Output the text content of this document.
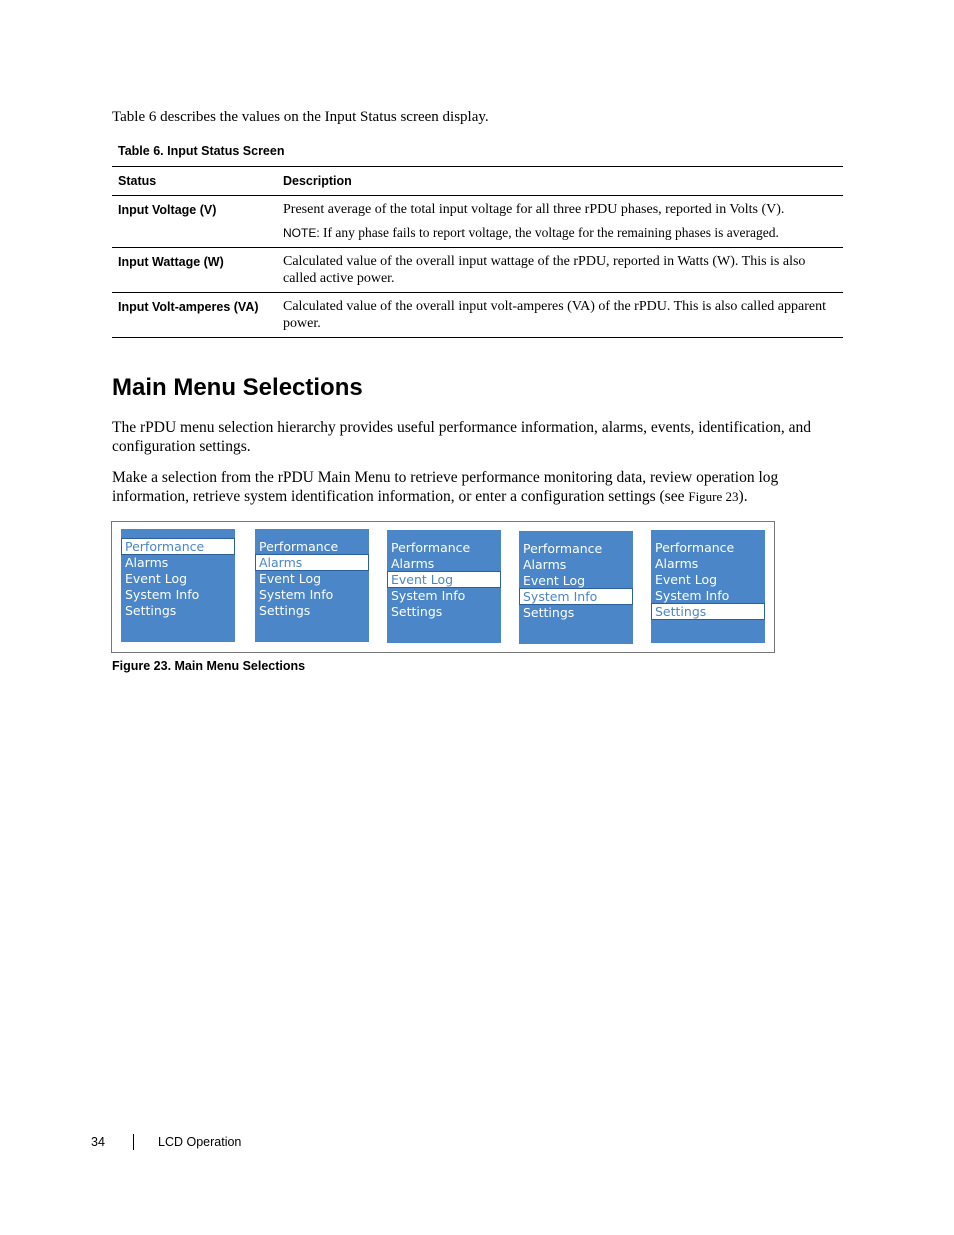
Table 6 describes the values on the Input Status screen display.

Table 6. Input Status Screen
Status	Description
Input Voltage (V)	Present average of the total input voltage for all three rPDU phases, reported in Volts (V).
NOTE: If any phase fails to report voltage, the voltage for the remaining phases is averaged.

Input Wattage (W)	Calculated value of the overall input wattage of the rPDU, reported in Watts (W). This is also called active power.
Input Volt-amperes (VA)	Calculated value of the overall input volt-amperes (VA) of the rPDU. This is also called apparent power.
Main Menu Selections

The rPDU menu selection hierarchy provides useful performance information, alarms, events, identification, and configuration settings.

Make a selection from the rPDU Main Menu to retrieve performance monitoring data, review operation log information, retrieve system identification information, or enter a configuration settings (see Figure 23).

Performance
Alarms
Event Log
System Info
Settings
Performance
Alarms
Event Log
System Info
Settings
Performance
Alarms
Event Log
System Info
Settings
Performance
Alarms
Event Log
System Info
Settings
Performance
Alarms
Event Log
System Info
Settings
Figure 23. Main Menu Selections
34	LCD Operation
